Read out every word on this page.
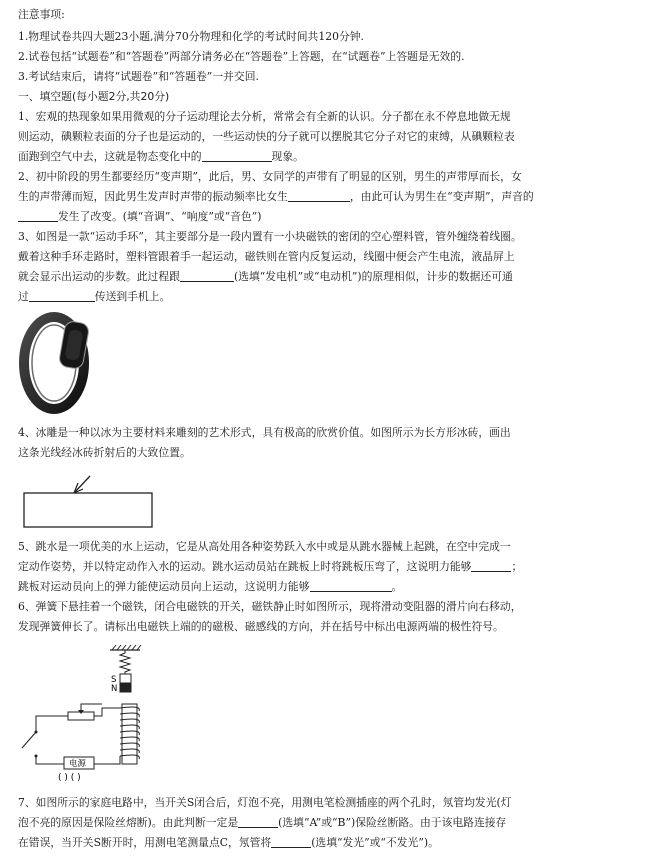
注意事项:
1.物理试卷共四大题23小题,满分70分物理和化学的考试时间共120分钟.
2.试卷包括“试题卷”和“答题卷”两部分请务必在“答题卷”上答题，在“试题卷”上答题是无效的.
3.考试结束后，请将“试题卷”和“答题卷”一并交回.
一、填空题(每小题2分,共20分)
1、宏观的热现象如果用微观的分子运动理论去分析，常常会有全新的认识。分子都在永不停息地做无规
则运动，碘颗粒表面的分子也是运动的，一些运动快的分子就可以摆脱其它分子对它的束缚，从碘颗粒表
面跑到空气中去，这就是物态变化中的	现象。
2、初中阶段的男生都要经历“变声期”，此后，男、女同学的声带有了明显的区别，男生的声带厚而长，女
生的声带薄而短，因此男生发声时声带的振动频率比女生	，由此可认为男生在“变声期”，声音的
发生了改变。(填“音调”、“响度”或“音色”)
3、如图是一款“运动手环”，其主要部分是一段内置有一小块磁铁的密闭的空心塑料管，管外缠绕着线圈。
戴着这种手环走路时，塑料管跟着手一起运动，磁铁则在管内反复运动，线圈中便会产生电流，液晶屏上
就会显示出运动的步数。此过程跟	(选填“发电机”或“电动机”)的原理相似，计步的数据还可通
过	传送到手机上。
4、冰雕是一种以冰为主要材料来雕刻的艺术形式，具有极高的欣赏价值。如图所示为长方形冰砖，画出
这条光线经冰砖折射后的大致位置。
5、跳水是一项优美的水上运动，它是从高处用各种姿势跃入水中或是从跳水器械上起跳，在空中完成一
定动作姿势，并以特定动作入水的运动。跳水运动员站在跳板上时将跳板压弯了，这说明力能够	；
跳板对运动员向上的弹力能使运动员向上运动，这说明力能够	。
6、弹簧下悬挂着一个磁铁，闭合电磁铁的开关，磁铁静止时如图所示，现将滑动变阻器的滑片向右移动，
发现弹簧伸长了。请标出电磁铁上端的的磁极、磁感线的方向，并在括号中标出电源两端的极性符号。
S
N
电源
( ) ( )
7、如图所示的家庭电路中，当开关S闭合后，灯泡不亮，用测电笔检测插座的两个孔时，氖管均发光(灯
泡不亮的原因是保险丝熔断)。由此判断一定是	(选填“A”或“B”)保险丝断路。由于该电路连接存
在错误，当开关S断开时，用测电笔测量点C，氖管将	(选填“发光”或“不发光”)。
